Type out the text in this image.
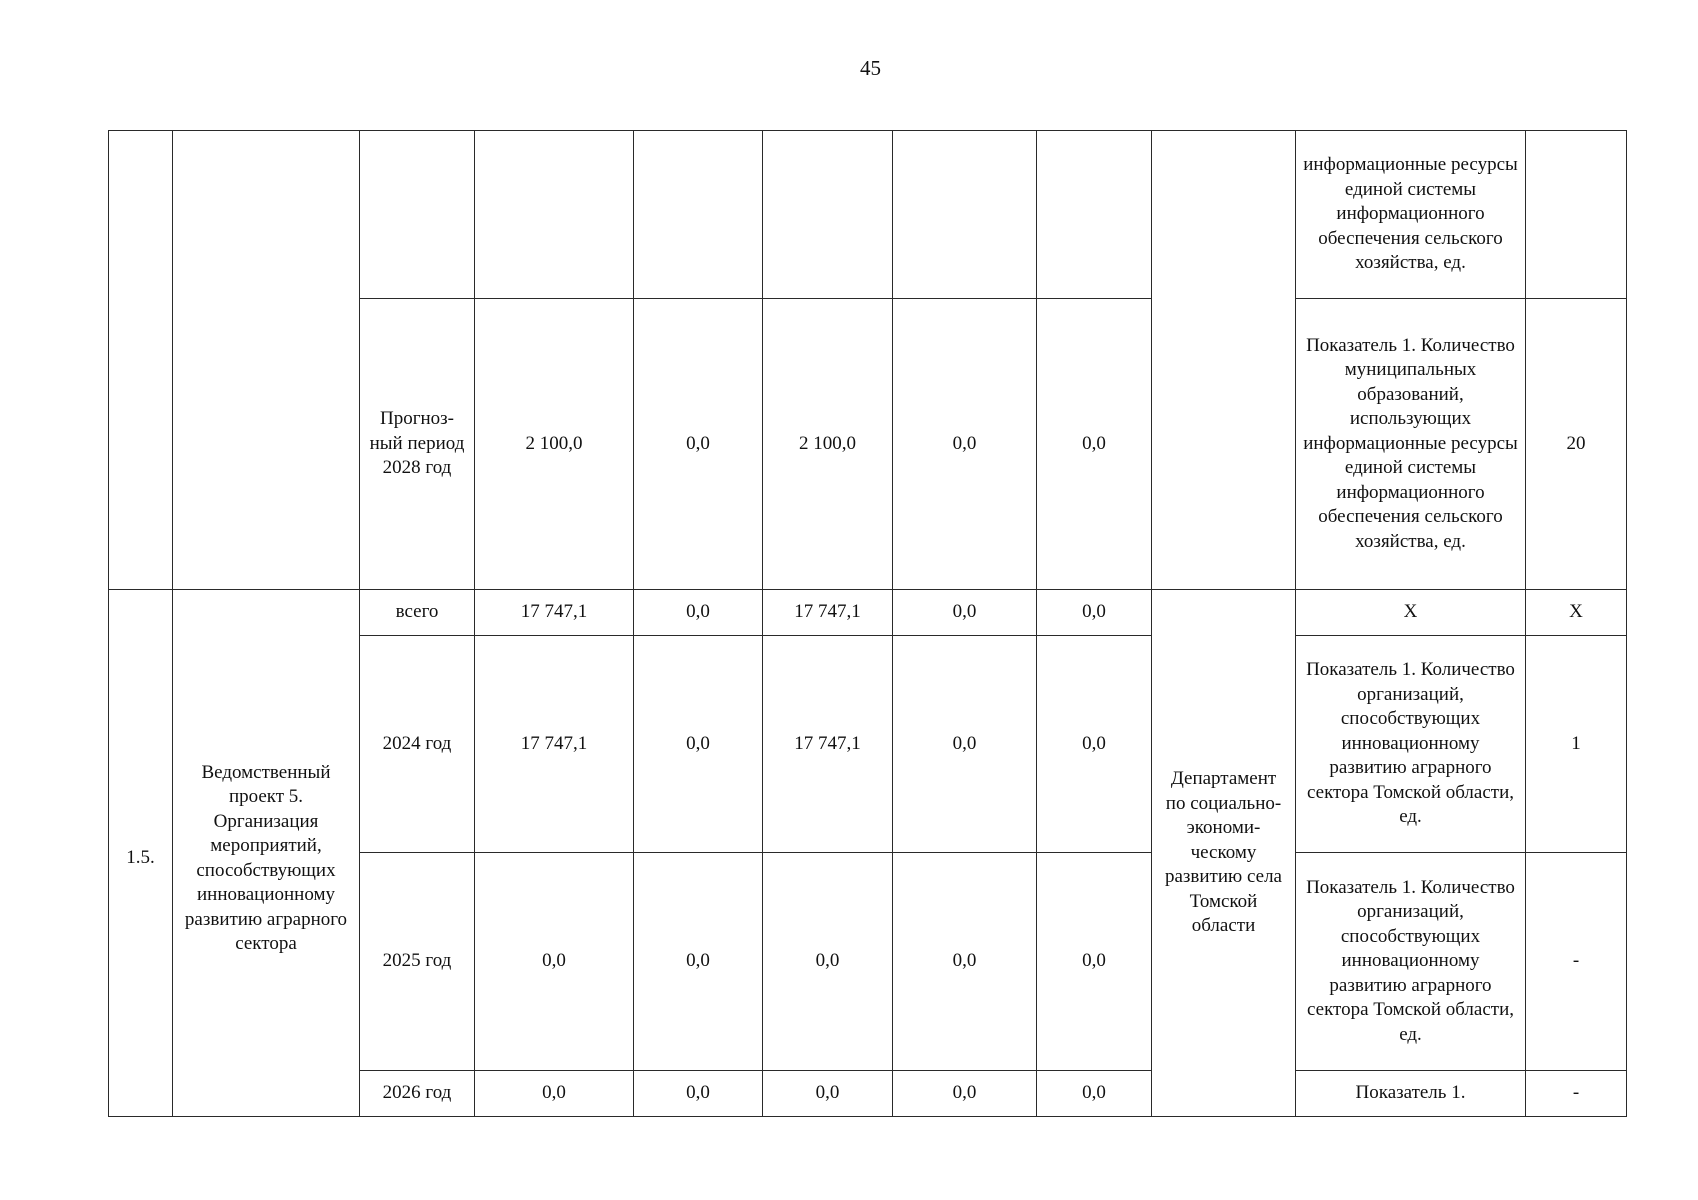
45
									информационные ресурсы единой системы информационного обеспечения сельского хозяйства, ед.	
		Прогноз-ный период 2028 год	2 100,0	0,0	2 100,0	0,0	0,0		Показатель 1. Количество муниципальных образований, использующих информационные ресурсы единой системы информационного обеспечения сельского хозяйства, ед.	20
1.5.	Ведомственный проект 5. Организация мероприятий, способствующих инновационному развитию аграрного сектора	всего	17 747,1	0,0	17 747,1	0,0	0,0	Департамент по социально-экономи-ческому развитию села Томской области	Х	Х
		2024 год	17 747,1	0,0	17 747,1	0,0	0,0		Показатель 1. Количество организаций, способствующих инновационному развитию аграрного сектора Томской области, ед.	1
		2025 год	0,0	0,0	0,0	0,0	0,0		Показатель 1. Количество организаций, способствующих инновационному развитию аграрного сектора Томской области, ед.	-
		2026 год	0,0	0,0	0,0	0,0	0,0		Показатель 1.	-
